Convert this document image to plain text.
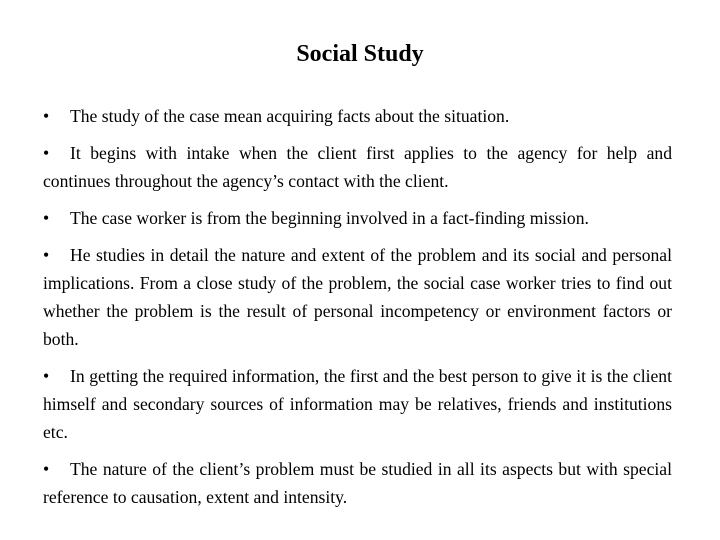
Social Study
• The study of the case mean acquiring facts about the situation.
• It begins with intake when the client first applies to the agency for help and continues throughout the agency’s contact with the client.
• The case worker is from the beginning involved in a fact-finding mission.
• He studies in detail the nature and extent of the problem and its social and personal implications. From a close study of the problem, the social case worker tries to find out whether the problem is the result of personal incompetency or environment factors or both.
• In getting the required information, the first and the best person to give it is the client himself and secondary sources of information may be relatives, friends and institutions etc.
• The nature of the client’s problem must be studied in all its aspects but with special reference to causation, extent and intensity.
